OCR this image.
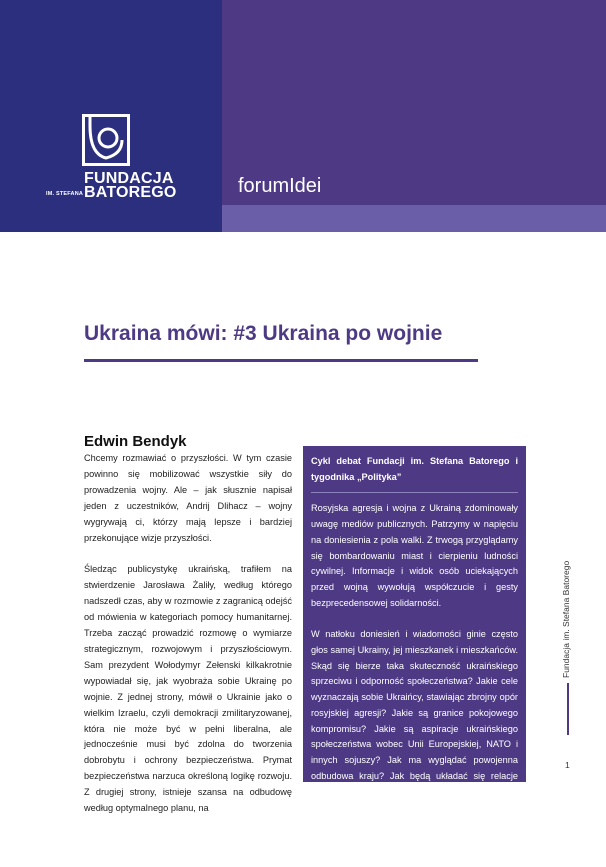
FUNDACJA
IM. STEFANA BATOREGO	forumIdei
Ukraina mówi: #3 Ukraina po wojnie
Edwin Bendyk

Chcemy rozmawiać o przyszłości. W tym czasie powinno się mobilizować wszystkie siły do prowadzenia wojny. Ale – jak słusznie napisał jeden z uczestników, Andrij Dlihacz – wojny wygrywają ci, którzy mają lepsze i bardziej przekonujące wizje przyszłości.

Śledząc publicystykę ukraińską, trafiłem na stwierdzenie Jarosława Żaliły, według którego nadszedł czas, aby w rozmowie z zagranicą odejść od mówienia w kategoriach pomocy humanitarnej. Trzeba zacząć prowadzić rozmowę o wymiarze strategicznym, rozwojowym i przyszłościowym. Sam prezydent Wołodymyr Zełenski kilkakrotnie wypowiadał się, jak wyobraża sobie Ukrainę po wojnie. Z jednej strony, mówił o Ukrainie jako o wielkim Izraelu, czyli demokracji zmilitaryzowanej, która nie może być w pełni liberalna, ale jednocześnie musi być zdolna do tworzenia dobrobytu i ochrony bezpieczeństwa. Prymat bezpieczeństwa narzuca określoną logikę rozwoju. Z drugiej strony, istnieje szansa na odbudowę według optymalnego planu, na

Cykl debat Fundacji im. Stefana Batorego i tygodnika „Polityka”

Rosyjska agresja i wojna z Ukrainą zdominowały uwagę mediów publicznych. Patrzymy w napięciu na doniesienia z pola walki. Z trwogą przyglądamy się bombardowaniu miast i cierpieniu ludności cywilnej. Informacje i widok osób uciekających przed wojną wywołują współczucie i gesty bezprecedensowej solidarności.

W natłoku doniesień i wiadomości ginie często głos samej Ukrainy, jej mieszkanek i mieszkańców. Skąd się bierze taka skuteczność ukraińskiego sprzeciwu i odporność społeczeństwa? Jakie cele wyznaczają sobie Ukraińcy, stawiając zbrojny opór rosyjskiej agresji? Jakie są granice pokojowego kompromisu? Jakie są aspiracje ukraińskiego społeczeństwa wobec Unii Europejskiej, NATO i innych sojuszy? Jak ma wyglądać powojenna odbudowa kraju? Jak będą układać się relacje Ukrainy z państwami sąsiednimi?

Fundacja im. Stefana Batorego
1
